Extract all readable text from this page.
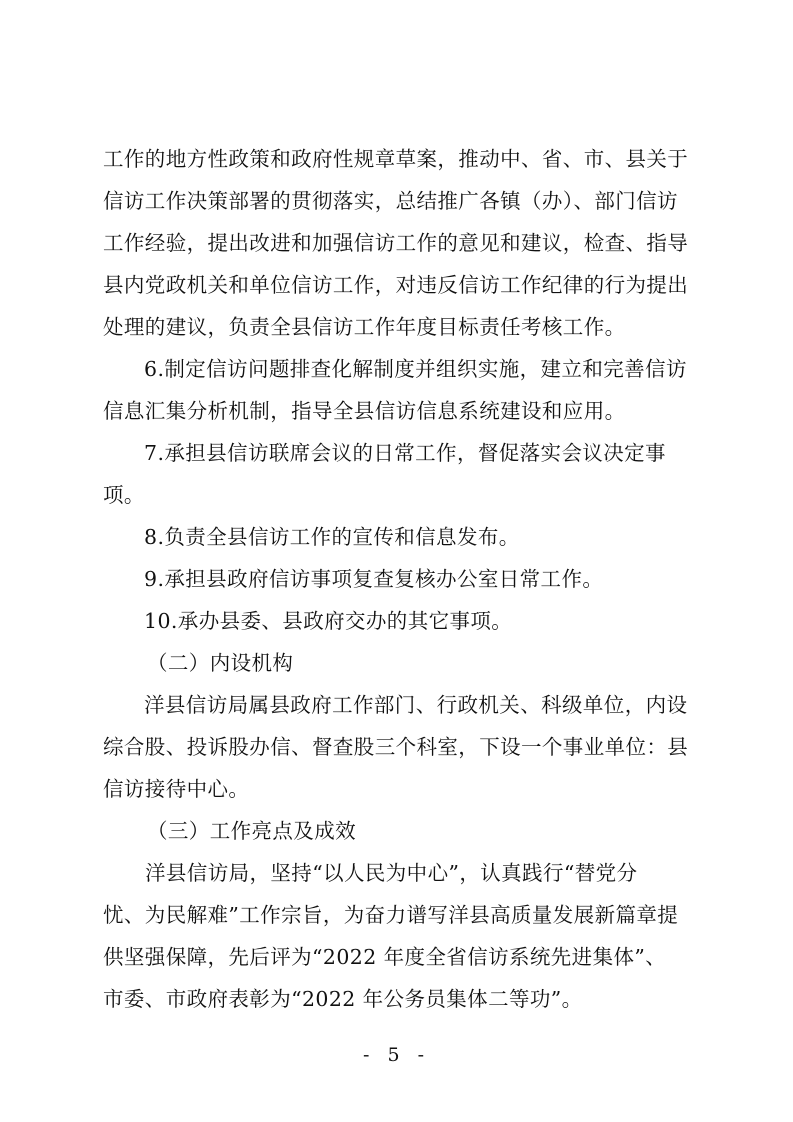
工作的地方性政策和政府性规章草案，推动中、省、市、县关于
信访工作决策部署的贯彻落实，总结推广各镇（办）、部门信访
工作经验，提出改进和加强信访工作的意见和建议，检查、指导
县内党政机关和单位信访工作，对违反信访工作纪律的行为提出
处理的建议，负责全县信访工作年度目标责任考核工作。
6.制定信访问题排查化解制度并组织实施，建立和完善信访
信息汇集分析机制，指导全县信访信息系统建设和应用。
7.承担县信访联席会议的日常工作，督促落实会议决定事
项。
8.负责全县信访工作的宣传和信息发布。
9.承担县政府信访事项复查复核办公室日常工作。
10.承办县委、县政府交办的其它事项。
（二）内设机构
洋县信访局属县政府工作部门、行政机关、科级单位，内设
综合股、投诉股办信、督查股三个科室，下设一个事业单位：县
信访接待中心。
（三）工作亮点及成效
洋县信访局，坚持“以人民为中心”，认真践行“替党分
忧、为民解难”工作宗旨，为奋力谱写洋县高质量发展新篇章提
供坚强保障，先后评为“2022 年度全省信访系统先进集体”、
市委、市政府表彰为“2022 年公务员集体二等功”。
- 5 -
